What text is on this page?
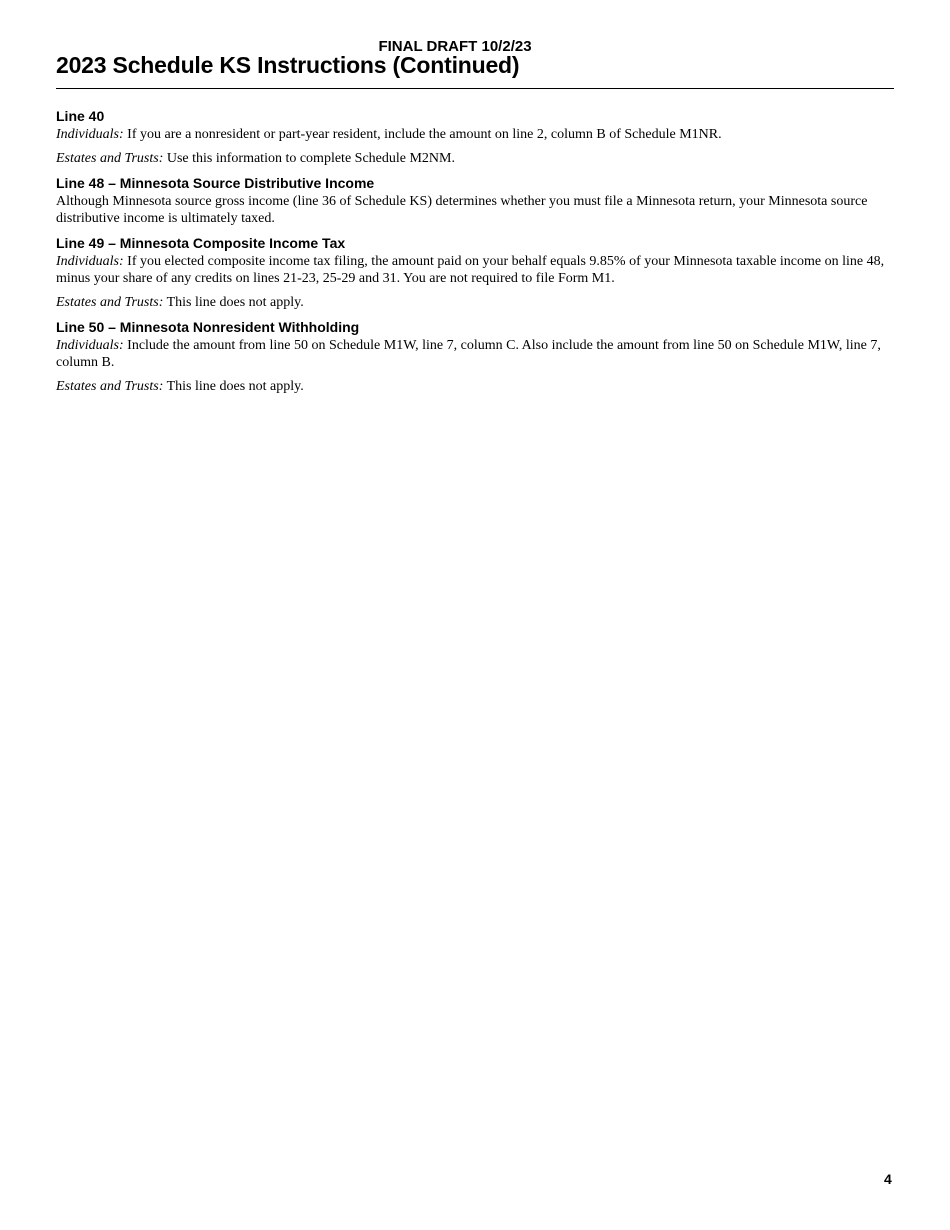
FINAL DRAFT 10/2/23
2023 Schedule KS Instructions (Continued)
Line 40

Individuals: If you are a nonresident or part-year resident, include the amount on line 2, column B of Schedule M1NR.

Estates and Trusts: Use this information to complete Schedule M2NM.

Line 48 – Minnesota Source Distributive Income

Although Minnesota source gross income (line 36 of Schedule KS) determines whether you must file a Minnesota return, your Minnesota source distributive income is ultimately taxed.

Line 49 – Minnesota Composite Income Tax

Individuals: If you elected composite income tax filing, the amount paid on your behalf equals 9.85% of your Minnesota taxable income on line 48, minus your share of any credits on lines 21-23, 25-29 and 31. You are not required to file Form M1.

Estates and Trusts: This line does not apply.

Line 50 – Minnesota Nonresident Withholding

Individuals: Include the amount from line 50 on Schedule M1W, line 7, column C. Also include the amount from line 50 on Schedule M1W, line 7, column B.

Estates and Trusts: This line does not apply.

4
